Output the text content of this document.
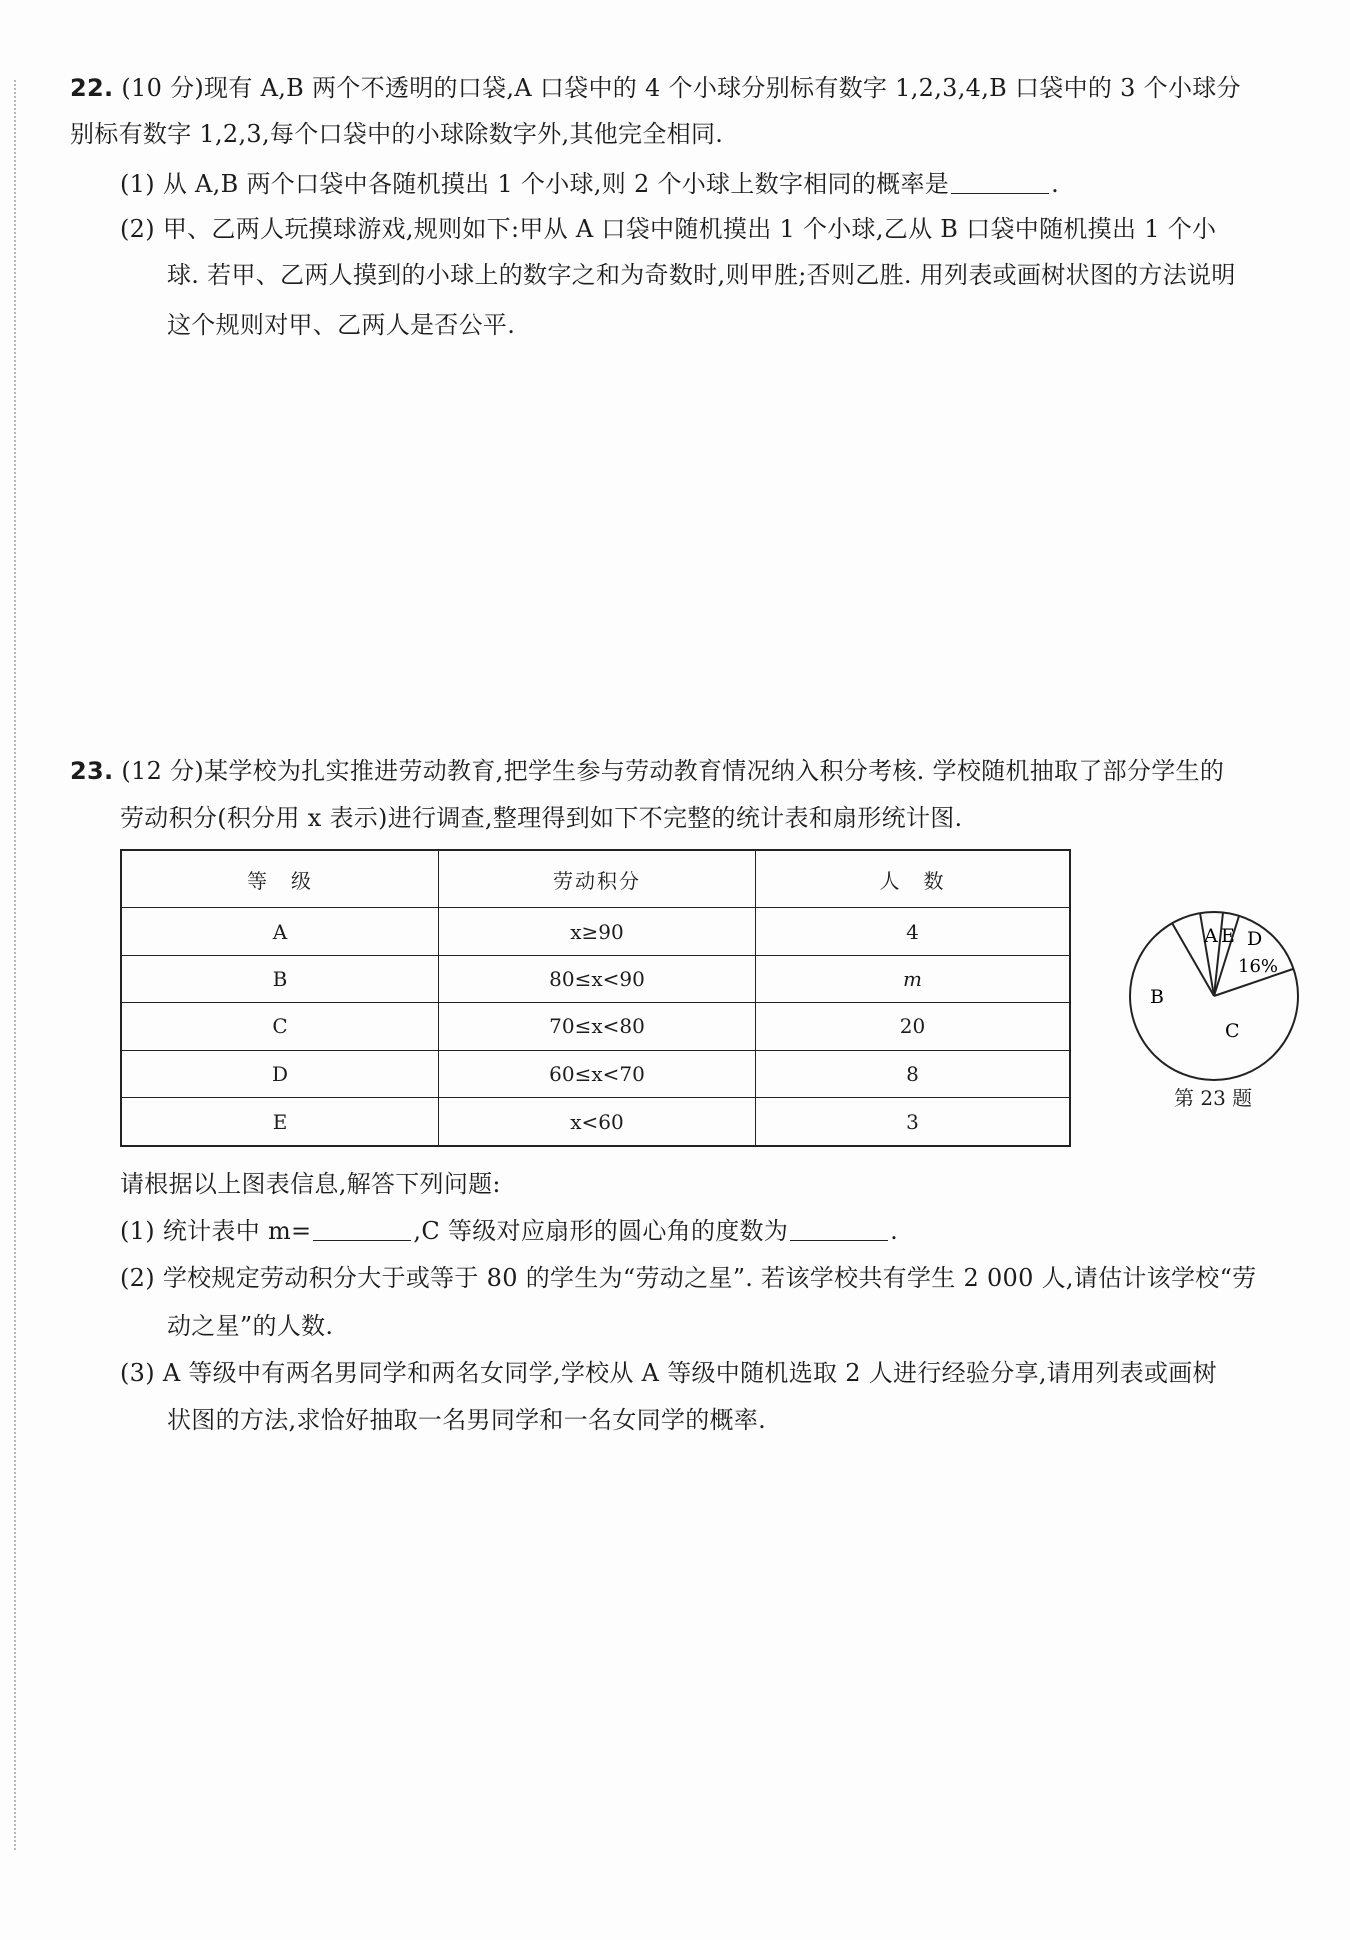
22. (10 分)现有 A,B 两个不透明的口袋,A 口袋中的 4 个小球分别标有数字 1,2,3,4,B 口袋中的 3 个小球分
别标有数字 1,2,3,每个口袋中的小球除数字外,其他完全相同.
(1) 从 A,B 两个口袋中各随机摸出 1 个小球,则 2 个小球上数字相同的概率是	.
(2) 甲、乙两人玩摸球游戏,规则如下:甲从 A 口袋中随机摸出 1 个小球,乙从 B 口袋中随机摸出 1 个小
球. 若甲、乙两人摸到的小球上的数字之和为奇数时,则甲胜;否则乙胜. 用列表或画树状图的方法说明
这个规则对甲、乙两人是否公平.
23. (12 分)某学校为扎实推进劳动教育,把学生参与劳动教育情况纳入积分考核. 学校随机抽取了部分学生的
劳动积分(积分用 x 表示)进行调查,整理得到如下不完整的统计表和扇形统计图.
等　级	劳动积分	人　数
A	x≥90	4
B	80≤x<90	m
C	70≤x<80	20
D	60≤x<70	8
E	x<60	3
A E D
16%
B
C
第 23 题
请根据以上图表信息,解答下列问题:
(1) 统计表中 m=	,C 等级对应扇形的圆心角的度数为	.
(2) 学校规定劳动积分大于或等于 80 的学生为“劳动之星”. 若该学校共有学生 2 000 人,请估计该学校“劳
动之星”的人数.
(3) A 等级中有两名男同学和两名女同学,学校从 A 等级中随机选取 2 人进行经验分享,请用列表或画树
状图的方法,求恰好抽取一名男同学和一名女同学的概率.
